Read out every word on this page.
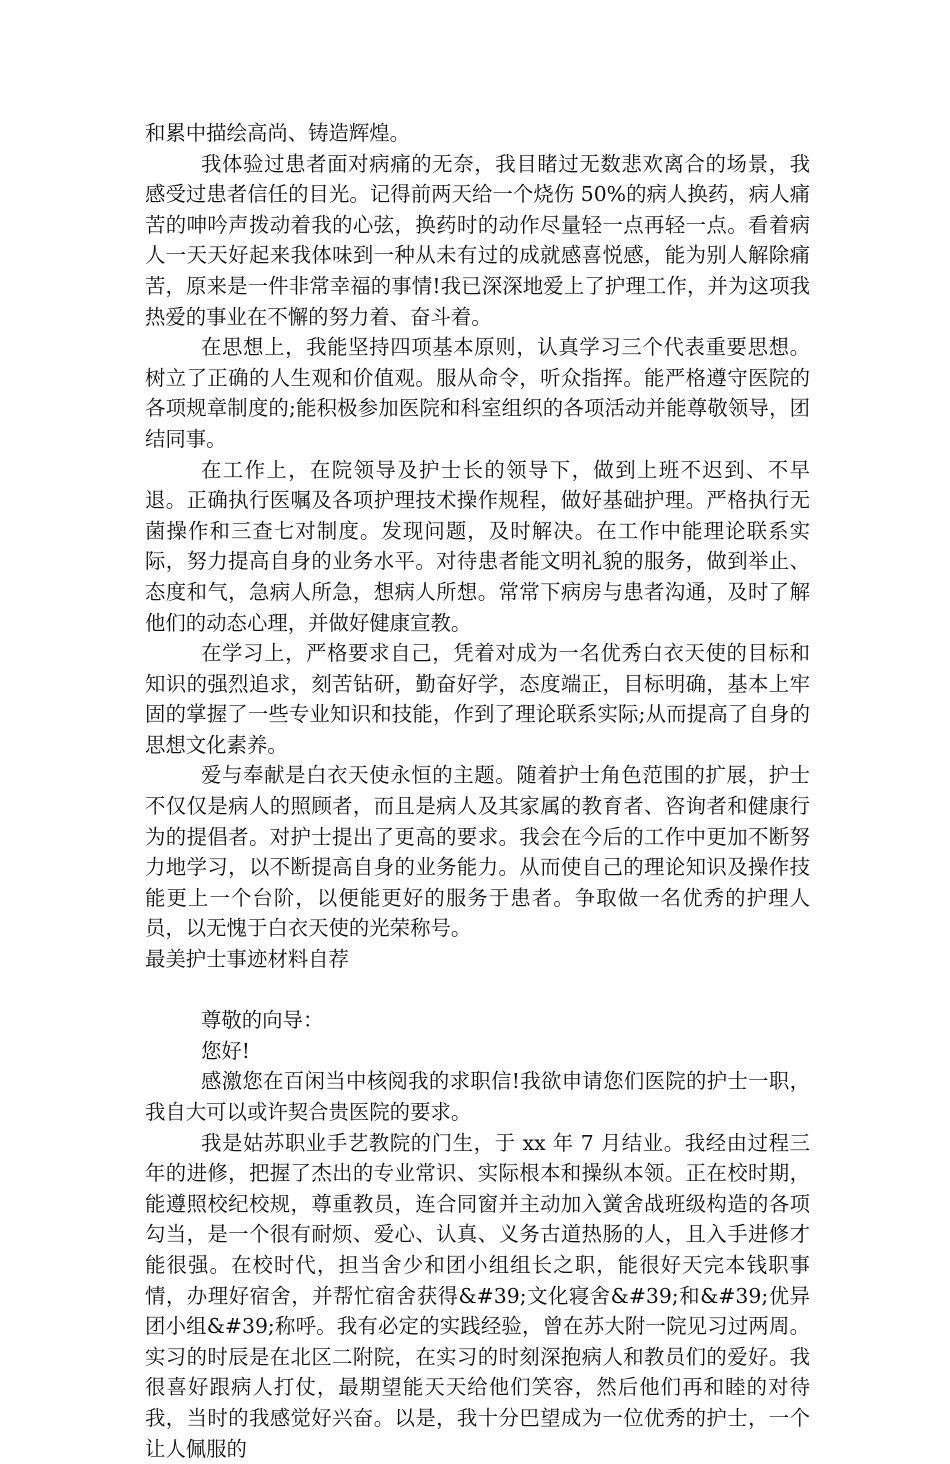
和累中描绘高尚、铸造辉煌。

我体验过患者面对病痛的无奈，我目睹过无数悲欢离合的场景，我感受过患者信任的目光。记得前两天给一个烧伤 50%的病人换药，病人痛苦的呻吟声拨动着我的心弦，换药时的动作尽量轻一点再轻一点。看着病人一天天好起来我体味到一种从未有过的成就感喜悦感，能为别人解除痛苦，原来是一件非常幸福的事情!我已深深地爱上了护理工作，并为这项我热爱的事业在不懈的努力着、奋斗着。

在思想上，我能坚持四项基本原则，认真学习三个代表重要思想。树立了正确的人生观和价值观。服从命令，听众指挥。能严格遵守医院的各项规章制度的;能积极参加医院和科室组织的各项活动并能尊敬领导，团结同事。

在工作上，在院领导及护士长的领导下，做到上班不迟到、不早退。正确执行医嘱及各项护理技术操作规程，做好基础护理。严格执行无菌操作和三查七对制度。发现问题，及时解决。在工作中能理论联系实际，努力提高自身的业务水平。对待患者能文明礼貌的服务，做到举止、态度和气，急病人所急，想病人所想。常常下病房与患者沟通，及时了解他们的动态心理，并做好健康宣教。

在学习上，严格要求自己，凭着对成为一名优秀白衣天使的目标和知识的强烈追求，刻苦钻研，勤奋好学，态度端正，目标明确，基本上牢固的掌握了一些专业知识和技能，作到了理论联系实际;从而提高了自身的思想文化素养。

爱与奉献是白衣天使永恒的主题。随着护士角色范围的扩展，护士不仅仅是病人的照顾者，而且是病人及其家属的教育者、咨询者和健康行为的提倡者。对护士提出了更高的要求。我会在今后的工作中更加不断努力地学习，以不断提高自身的业务能力。从而使自己的理论知识及操作技能更上一个台阶，以便能更好的服务于患者。争取做一名优秀的护理人员，以无愧于白衣天使的光荣称号。

最美护士事迹材料自荐

尊敬的向导：

您好!

感激您在百闲当中核阅我的求职信!我欲申请您们医院的护士一职，我自大可以或许契合贵医院的要求。

我是姑苏职业手艺教院的门生，于 xx 年 7 月结业。我经由过程三年的进修，把握了杰出的专业常识、实际根本和操纵本领。正在校时期，能遵照校纪校规，尊重教员，连合同窗并主动加入黉舍战班级构造的各项勾当，是一个很有耐烦、爱心、认真、义务古道热肠的人，且入手进修才能很强。在校时代，担当舍少和团小组组长之职，能很好天完本钱职事情，办理好宿舍，并帮忙宿舍获得&#39;文化寝舍&#39;和&#39;优异团小组&#39;称呼。我有必定的实践经验，曾在苏大附一院见习过两周。实习的时辰是在北区二附院，在实习的时刻深抱病人和教员们的爱好。我很喜好跟病人打仗，最期望能天天给他们笑容，然后他们再和睦的对待我，当时的我感觉好兴奋。以是，我十分巴望成为一位优秀的护士，一个让人佩服的
